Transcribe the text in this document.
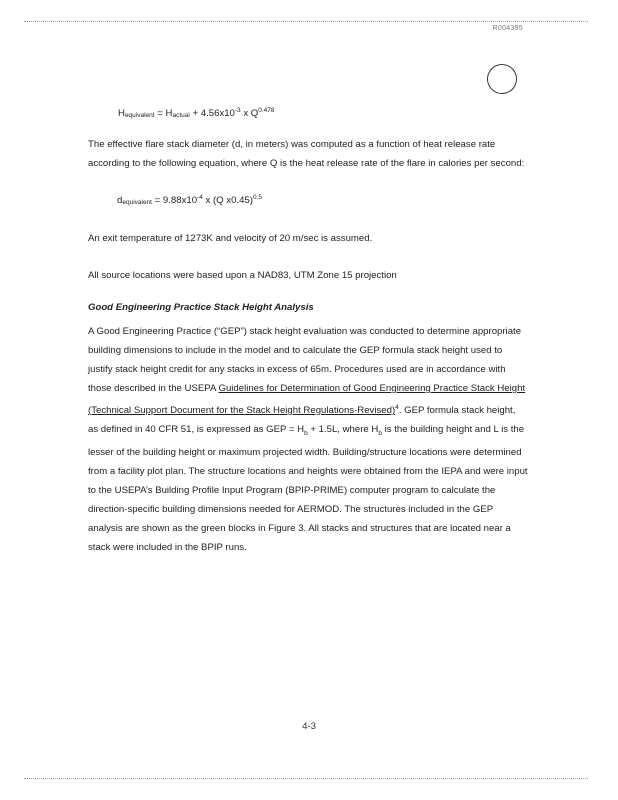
R004395
$H_{equivalent} = H_{actual} + 4.56x10^{-3}$ x $Q^{0.478}$
The effective flare stack diameter (d, in meters) was computed as a function of heat release rate according to the following equation, where Q is the heat release rate of the flare in calories per second:
$d_{equivalent} = 9.88x10^{-4}$ x (Q x0.45)$^{0.5}$
An exit temperature of 1273K and velocity of 20 m/sec is assumed.
All source locations were based upon a NAD83, UTM Zone 15 projection
Good Engineering Practice Stack Height Analysis

A Good Engineering Practice (“GEP”) stack height evaluation was conducted to determine appropriate building dimensions to include in the model and to calculate the GEP formula stack height used to justify stack height credit for any stacks in excess of 65m. Procedures used are in accordance with those described in the USEPA Guidelines for Determination of Good Engineering Practice Stack Height (Technical Support Document for the Stack Height Regulations-Revised)$^4$. GEP formula stack height, as defined in 40 CFR 51, is expressed as GEP = $H_b + 1.5L$, where $H_b$ is the building height and L is the lesser of the building height or maximum projected width. Building/structure locations were determined from a facility plot plan. The structure locations and heights were obtained from the IEPA and were input to the USEPA’s Building Profile Input Program (BPIP-PRIME) computer program to calculate the direction-specific building dimensions needed for AERMOD. The structures included in the GEP analysis are shown as the green blocks in Figure 3. All stacks and structures that are located near a stack were included in the BPIP runs.

4-3
